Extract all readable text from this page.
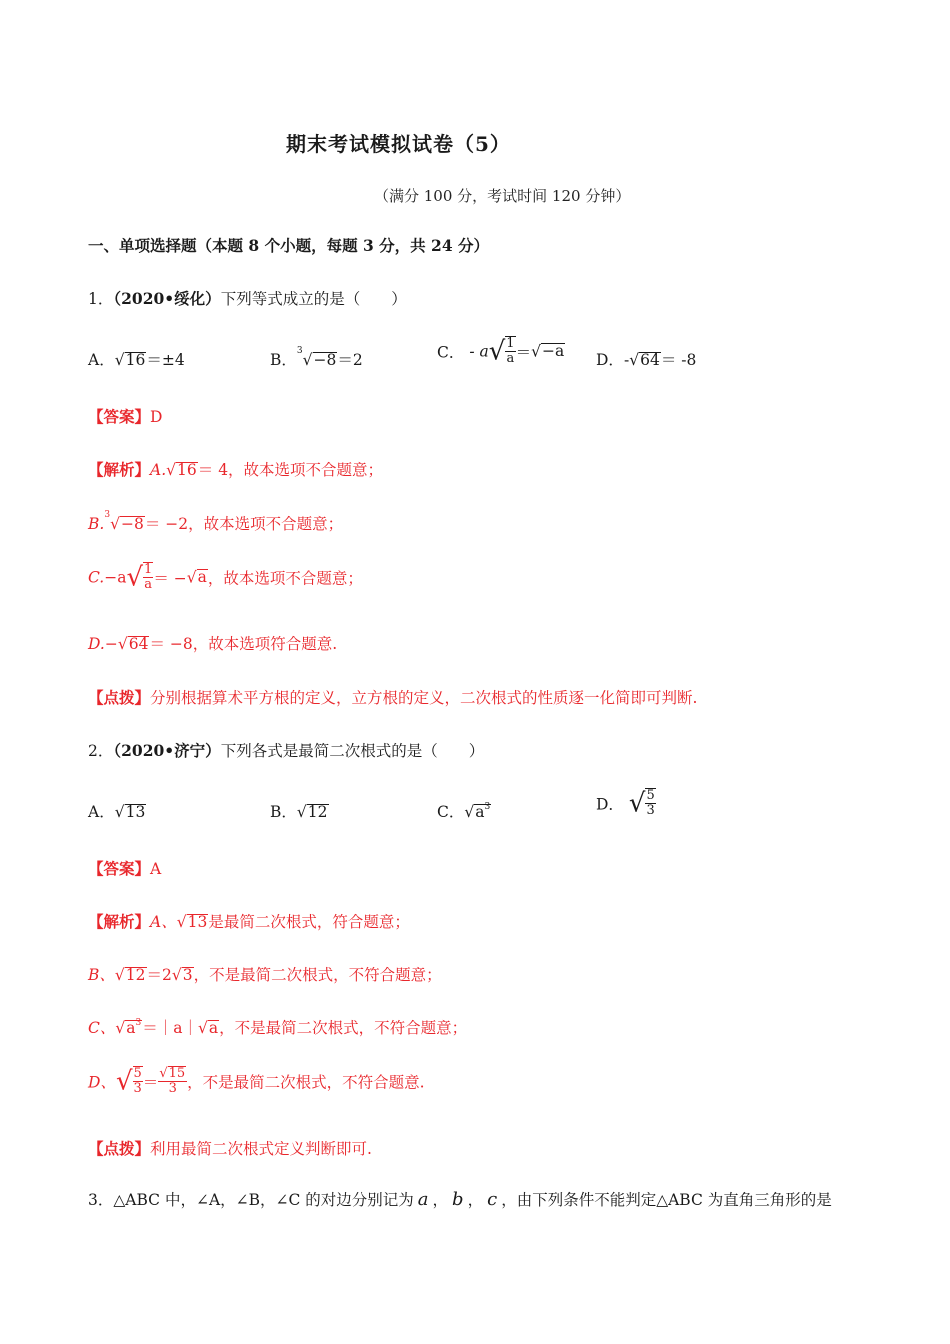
期末考试模拟试卷（5）
（满分 100 分，考试时间 120 分钟）
一、单项选择题（本题 8 个小题，每题 3 分，共 24 分）
1．（2020•绥化）下列等式成立的是（　　）
A．√16＝±4	B．$^3$√−8＝2	C． - $a√ \frac{1}{a} =√-a$ D．-√64＝ -8
【答案】D
【解析】A.√16＝ 4，故本选项不合题意；
B.$^3$√−8＝ −2，故本选项不合题意；
$C.-a√ \frac{1}{a} = -√a$，故本选项不合题意；
D.−√64＝ −8，故本选项符合题意.
【点拨】分别根据算术平方根的定义，立方根的定义，二次根式的性质逐一化简即可判断.
2．（2020•济宁）下列各式是最简二次根式的是（　　）
A．√13	B．√12	C．$√a^3$	D． √ $\frac{5}{3}$
【答案】A
【解析】A、√13是最简二次根式，符合题意；
B、√12＝2√3，不是最简二次根式，不符合题意；
C、$√a^3=|a|√a$，不是最简二次根式，不符合题意；
D、√ $\frac{5}{3} = \frac{√15}{3}$ ，不是最简二次根式，不符合题意.
【点拨】利用最简二次根式定义判断即可.
3．△ABC 中，∠A，∠B，∠C 的对边分别记为 a ， b ， c ，由下列条件不能判定△ABC 为直角三角形的是
